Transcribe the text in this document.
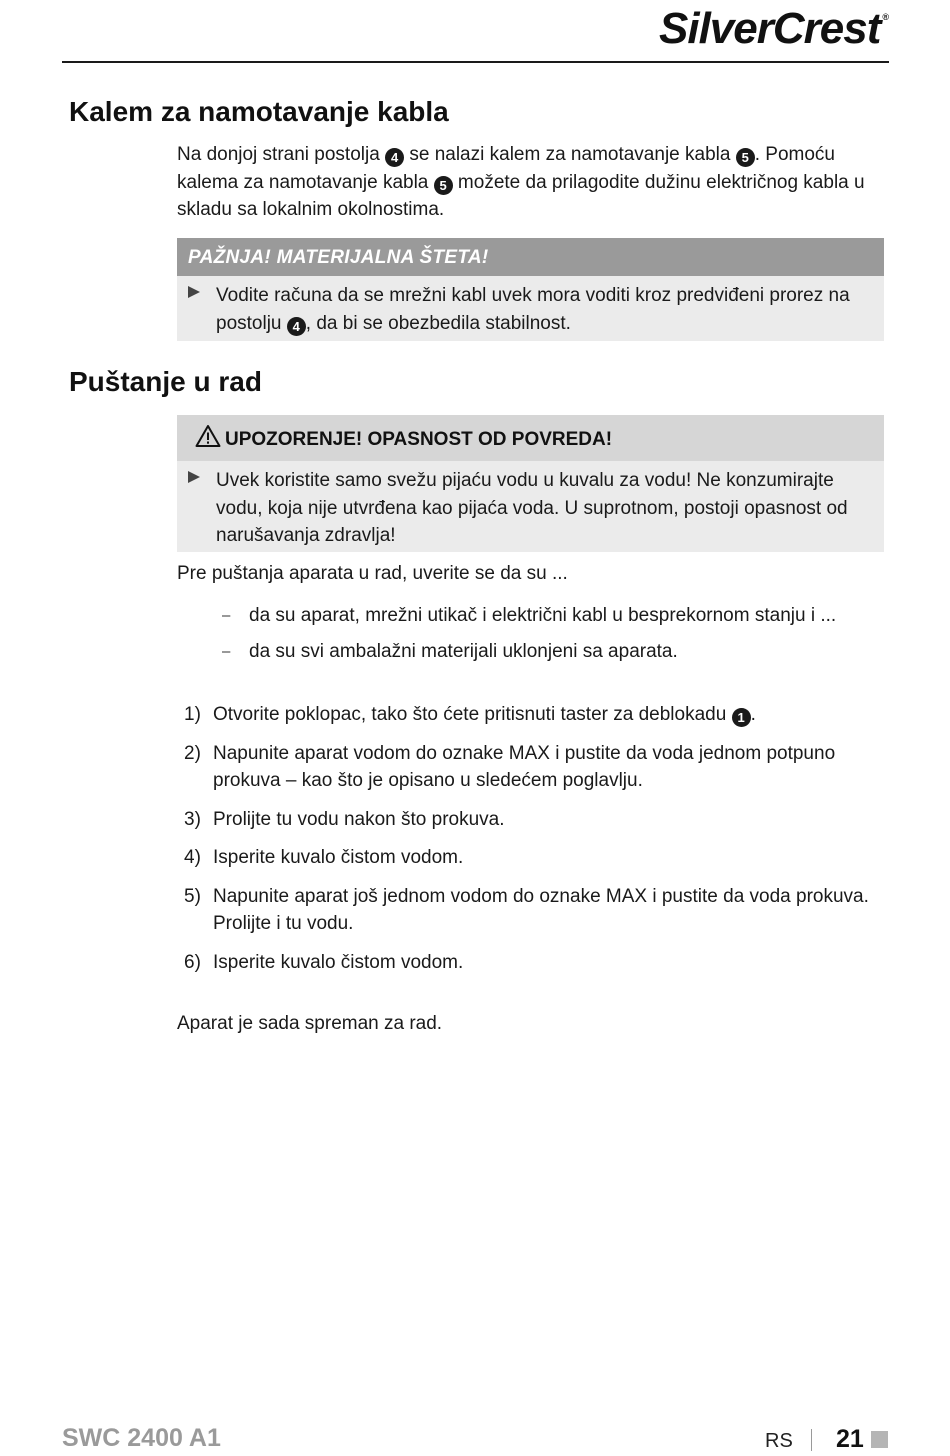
SilverCrest ®
Kalem za namotavanje kabla

Na donjoj strani postolja 4 se nalazi kalem za namotavanje kabla 5 . Pomoću kalema za namotavanje kabla 5 možete da prilagodite dužinu električnog kabla u skladu sa lokalnim okolnostima.

PAŽNJA! MATERIJALNA ŠTETA!
Vodite računa da se mrežni kabl uvek mora voditi kroz predviđeni prorez na postolju 4 , da bi se obezbedila stabilnost.
Puštanje u rad
UPOZORENJE! OPASNOST OD POVREDA!
Uvek koristite samo svežu pijaću vodu u kuvalu za vodu! Ne konzumirajte vodu, koja nije utvrđena kao pijaća voda. U suprotnom, postoji opasnost od narušavanja zdravlja!

Pre puštanja aparata u rad, uverite se da su ...

– da su aparat, mrežni utikač i električni kabl u besprekornom stanju i ...
– da su svi ambalažni materijali uklonjeni sa aparata.
1) Otvorite poklopac, tako što ćete pritisnuti taster za deblokadu 1 .
2) Napunite aparat vodom do oznake MAX i pustite da voda jednom potpuno prokuva – kao što je opisano u sledećem poglavlju.
3) Prolijte tu vodu nakon što prokuva.
4) Isperite kuvalo čistom vodom.
5) Napunite aparat još jednom vodom do oznake MAX i pustite da voda prokuva. Prolijte i tu vodu.
6) Isperite kuvalo čistom vodom.

Aparat je sada spreman za rad.

SWC 2400 A1	RS 21
